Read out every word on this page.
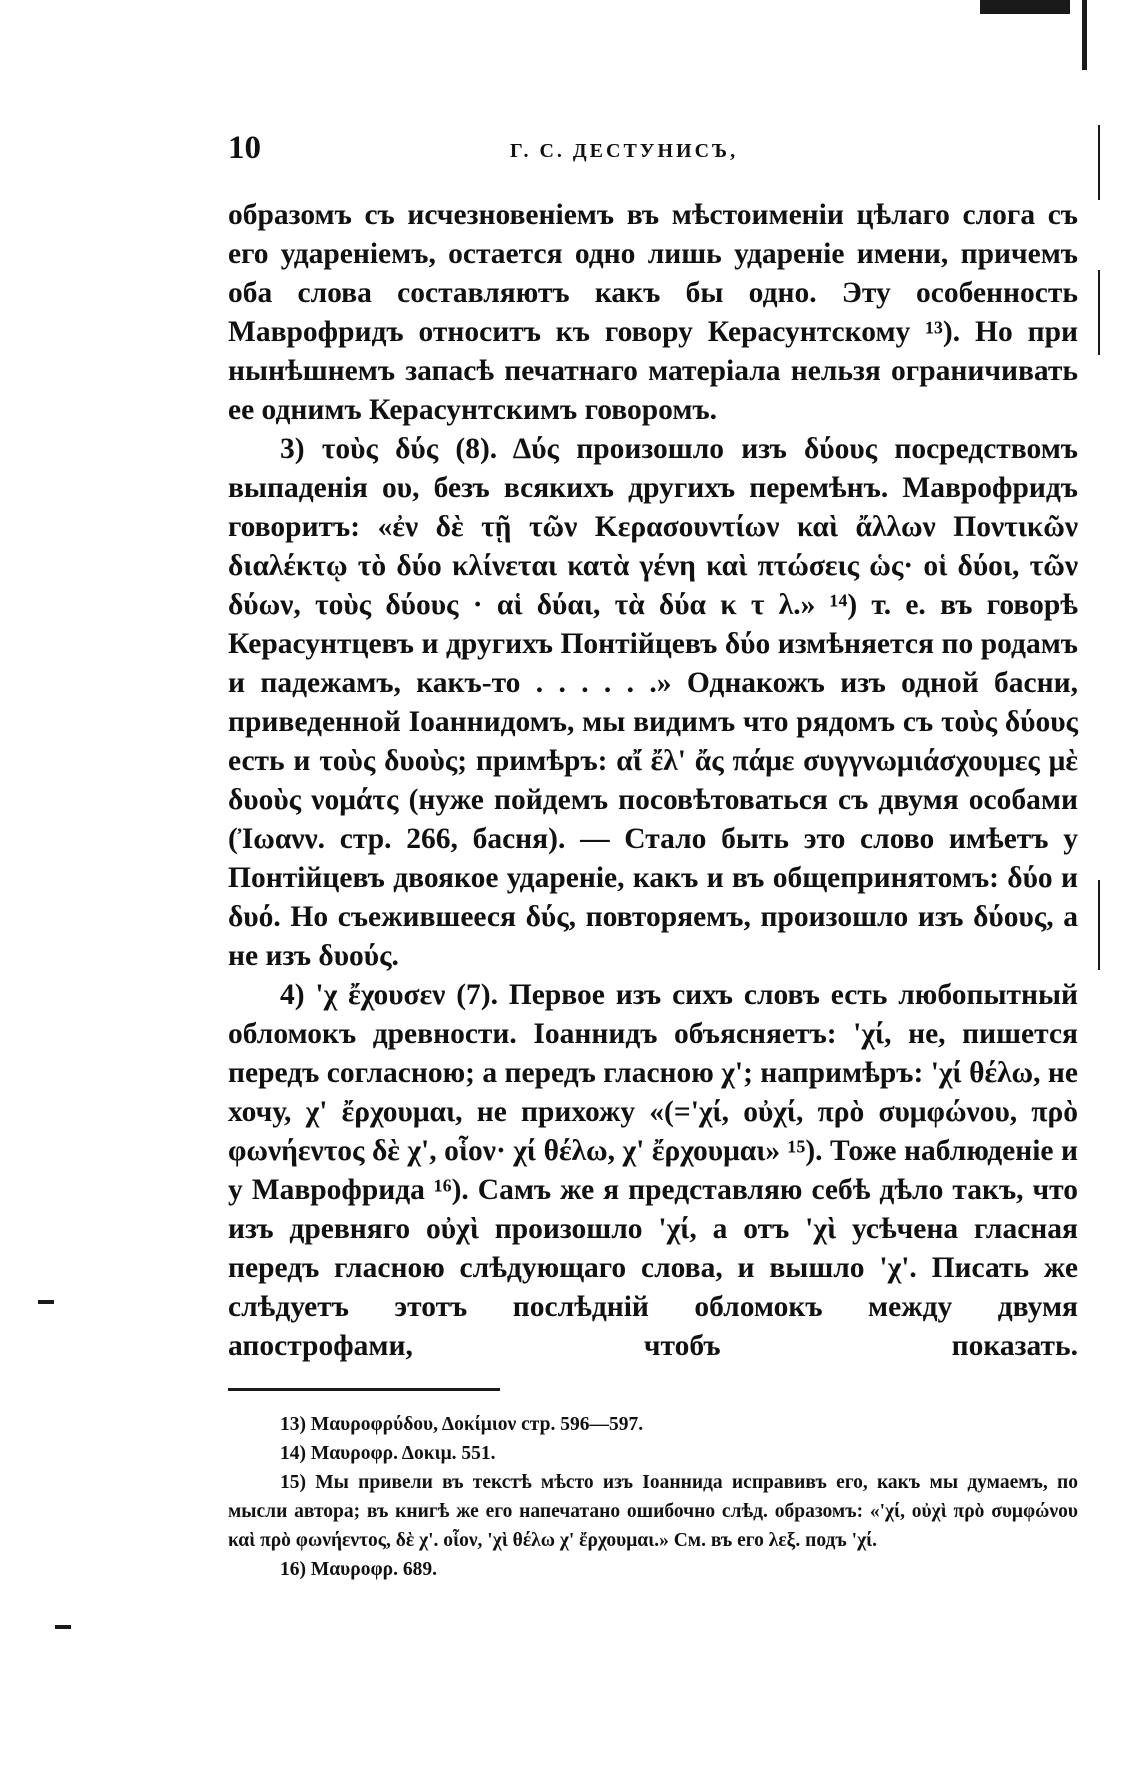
10	Г. С. ДЕСТУНИСЪ,

образомъ съ исчезновеніемъ въ мѣстоименіи цѣлаго слога съ его удареніемъ, остается одно лишь удареніе имени, причемъ оба слова составляютъ какъ бы одно. Эту особенность Маврофридъ относитъ къ говору Керасунтскому ¹³). Но при нынѣшнемъ запасѣ печатнаго матеріала нельзя ограничивать ее однимъ Керасунтскимъ говоромъ.

3) τοὺς δύς (8). Δύς произошло изъ δύους посредствомъ выпаденія ου, безъ всякихъ другихъ перемѣнъ. Маврофридъ говоритъ: «ἐν δὲ τῇ τῶν Κερασουντίων καὶ ἄλλων Ποντικῶν διαλέκτῳ τὸ δύο κλίνεται κατὰ γένη καὶ πτώσεις ὡς· οἱ δύοι, τῶν δύων, τοὺς δύους · αἱ δύαι, τὰ δύα κ τ λ.» ¹⁴) т. е. въ говорѣ Керасунтцевъ и другихъ Понтійцевъ δύο измѣняется по родамъ и падежамъ, какъ-то . . . . . .» Однакожъ изъ одной басни, приведенной Іоаннидомъ, мы видимъ что рядомъ съ τοὺς δύους есть и τοὺς δυοὺς; примѣръ: αἴ ἔλ' ἄς πάμε συγγνωμιάσχουμες μὲ δυοὺς νομάτς (нуже пойдемъ посовѣтоваться съ двумя особами (Ἰωανν. стр. 266, басня). — Стало быть это слово имѣетъ у Понтійцевъ двоякое удареніе, какъ и въ общепринятомъ: δύο и δυό. Но съежившееся δύς, повторяемъ, произошло изъ δύους, а не изъ δυούς.

4) 'χ ἔχουσεν (7). Первое изъ сихъ словъ есть любопытный обломокъ древности. Іоаннидъ объясняетъ: 'χί, не, пишется передъ согласною; а передъ гласною χ'; напримѣръ: 'χί θέλω, не хочу, χ' ἔρχουμαι, не прихожу «(='χί, οὐχί, πρὸ συμφώνου, πρὸ φωνήεντος δὲ χ', οἷον· χί θέλω, χ' ἔρχουμαι» ¹⁵). Тоже наблюденіе и у Маврофрида ¹⁶). Самъ же я представляю себѣ дѣло такъ, что изъ древняго οὐχὶ произошло 'χί, а отъ 'χὶ усѣчена гласная передъ гласною слѣдующаго слова, и вышло 'χ'. Писать же слѣдуетъ этотъ послѣдній обломокъ между двумя апострофами, чтобъ показать.

13) Μαυροφρύδου, Δοκίμιον стр. 596—597.

14) Μαυροφρ. Δοκιμ. 551.

15) Мы привели въ текстѣ мѣсто изъ Іоаннида исправивъ его, какъ мы думаемъ, по мысли автора; въ книгѣ же его напечатано ошибочно слѣд. образомъ: «'χί, οὐχὶ πρὸ συμφώνου καὶ πρὸ φωνήεντος, δὲ χ'. οἷον, 'χὶ θέλω χ' ἔρχουμαι.» См. въ его λεξ. подъ 'χί.

16) Μαυροφρ. 689.
